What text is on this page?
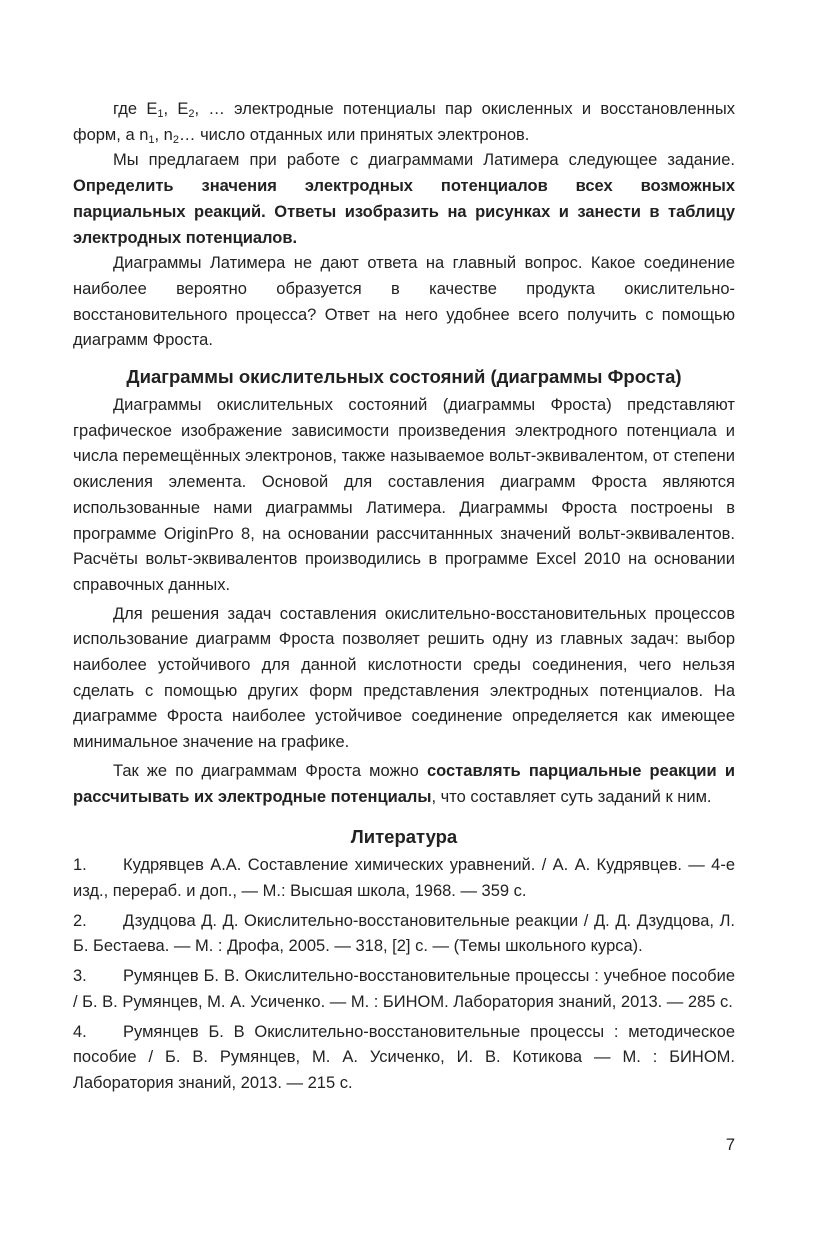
где $E_1$, $E_2$, … электродные потенциалы пар окисленных и восстановленных форм, а $n_1$, $n_2\dots$ число отданных или принятых электронов.

Мы предлагаем при работе с диаграммами Латимера следующее задание. Определить значения электродных потенциалов всех возможных парциальных реакций. Ответы изобразить на рисунках и занести в таблицу электродных потенциалов.

Диаграммы Латимера не дают ответа на главный вопрос. Какое соединение наиболее вероятно образуется в качестве продукта окислительно-восстановительного процесса? Ответ на него удобнее всего получить с помощью диаграмм Фроста.

Диаграммы окислительных состояний (диаграммы Фроста)

Диаграммы окислительных состояний (диаграммы Фроста) представляют графическое изображение зависимости произведения электродного потенциала и числа перемещённых электронов, также называемое вольт-эквивалентом, от степени окисления элемента. Основой для составления диаграмм Фроста являются использованные нами диаграммы Латимера. Диаграммы Фроста построены в программе OriginPro 8, на основании рассчитаннных значений вольт-эквивалентов. Расчёты вольт-эквивалентов производились в программе Excel 2010 на основании справочных данных.

Для решения задач составления окислительно-восстановительных процессов использование диаграмм Фроста позволяет решить одну из главных задач: выбор наиболее устойчивого для данной кислотности среды соединения, чего нельзя сделать с помощью других форм представления электродных потенциалов. На диаграмме Фроста наиболее устойчивое соединение определяется как имеющее минимальное значение на графике.

Так же по диаграммам Фроста можно составлять парциальные реакции и рассчитывать их электродные потенциалы, что составляет суть заданий к ним.

Литература

1. Кудрявцев А.А. Составление химических уравнений. / А. А. Кудрявцев. — 4-е изд., перераб. и доп., — М.: Высшая школа, 1968. — 359 с.

2. Дзудцова Д. Д. Окислительно-восстановительные реакции / Д. Д. Дзудцова, Л. Б. Бестаева. — М. : Дрофа, 2005. — 318, [2] с. — (Темы школьного курса).

3. Румянцев Б. В. Окислительно-восстановительные процессы : учебное пособие / Б. В. Румянцев, М. А. Усиченко. — М. : БИНОМ. Лаборатория знаний, 2013. — 285 с.

4. Румянцев Б. В Окислительно-восстановительные процессы : методическое пособие / Б. В. Румянцев, М. А. Усиченко, И. В. Котикова — М. : БИНОМ. Лаборатория знаний, 2013. — 215 с.

7
